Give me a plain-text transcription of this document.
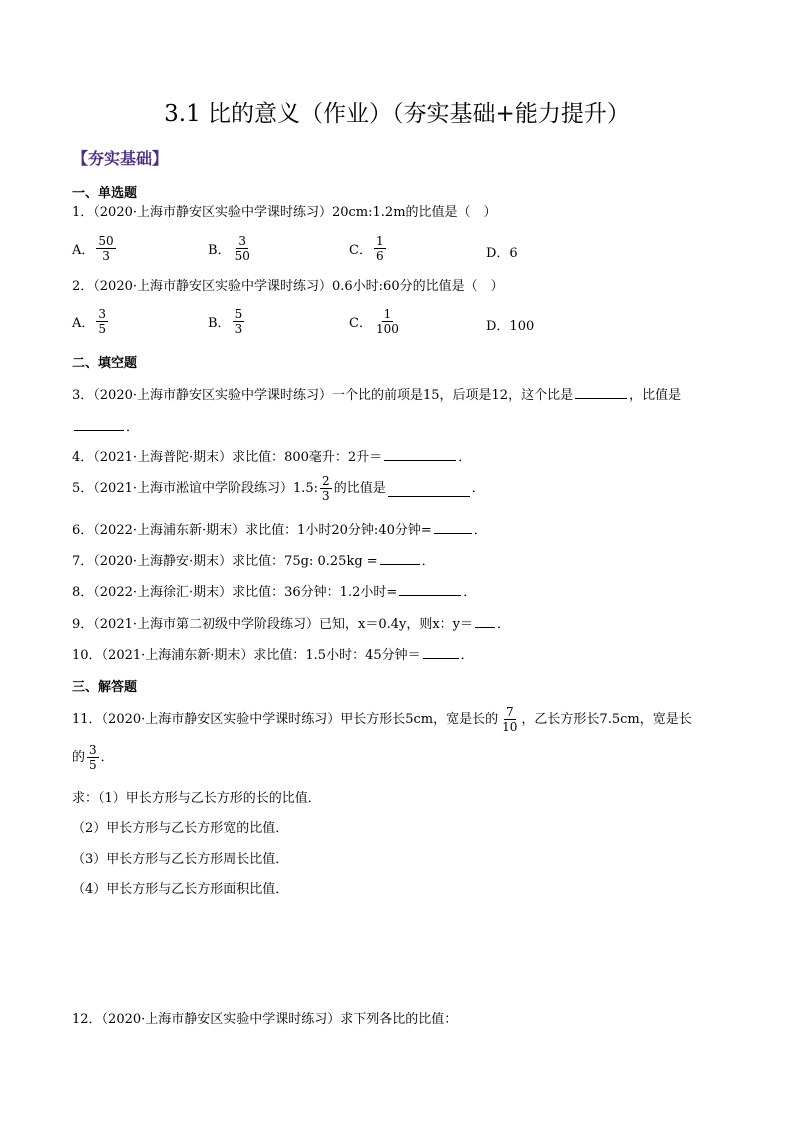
3.1 比的意义（作业）（夯实基础+能力提升）
【夯实基础】
一、单选题
1．（2020·上海市静安区实验中学课时练习）20cm:1.2m的比值是（　）
A． $\frac{50}{3}$	B． $\frac{3}{50}$	C． $\frac{1}{6}$	D．6
2．（2020·上海市静安区实验中学课时练习）0.6小时:60分的比值是（　）
A． $\frac{3}{5}$	B． $\frac{5}{3}$	C． $\frac{1}{100}$	D．100
二、填空题
3．（2020·上海市静安区实验中学课时练习）一个比的前项是15，后项是12，这个比是	，比值是
．
4．（2021·上海普陀·期末）求比值：800毫升：2升＝	．
5．（2021·上海市淞谊中学阶段练习）1.5: $\frac{2}{3}$ 的比值是	．
6．（2022·上海浦东新·期末）求比值：1小时20分钟:40分钟=	．
7．（2020·上海静安·期末）求比值：75g: 0.25kg =	．
8．（2022·上海徐汇·期末）求比值：36分钟：1.2小时=	．
9．（2021·上海市第二初级中学阶段练习）已知，x＝0.4y，则x：y＝ ．
10．（2021·上海浦东新·期末）求比值：1.5小时：45分钟＝	．
三、解答题
11．（2020·上海市静安区实验中学课时练习）甲长方形长5cm，宽是长的 $\frac{7}{10}$ ，乙长方形长7.5cm，宽是长
的 $\frac{3}{5}$ ．
求：（1）甲长方形与乙长方形的长的比值．
（2）甲长方形与乙长方形宽的比值．
（3）甲长方形与乙长方形周长比值．
（4）甲长方形与乙长方形面积比值．
12．（2020·上海市静安区实验中学课时练习）求下列各比的比值：
